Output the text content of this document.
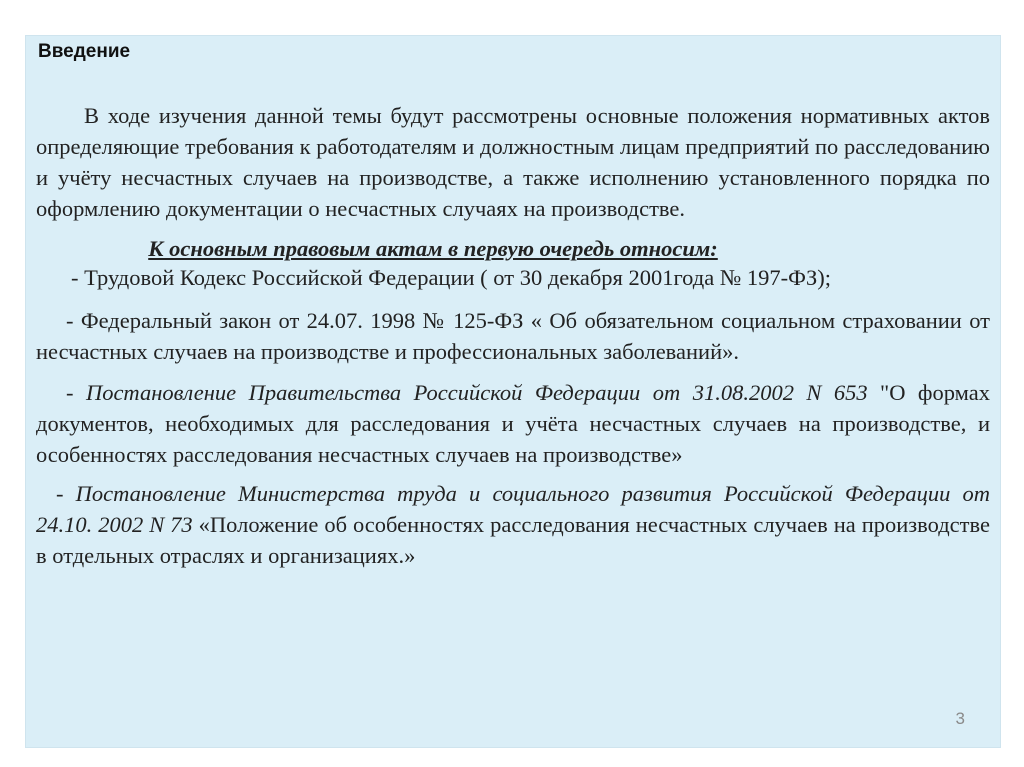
Введение

В ходе изучения данной темы будут рассмотрены основные положения нормативных актов определяющие требования к работодателям и должностным лицам предприятий по расследованию и учёту несчастных случаев на производстве, а также исполнению установленного порядка по оформлению документации о несчастных случаях на производстве.

К основным правовым актам в первую очередь относим:

- Трудовой Кодекс Российской Федерации ( от 30 декабря 2001года № 197-ФЗ);

- Федеральный закон от 24.07. 1998 № 125-ФЗ « Об обязательном социальном страховании от несчастных случаев на производстве и профессиональных заболеваний».

- Постановление Правительства Российской Федерации от 31.08.2002 N 653 "О формах документов, необходимых для расследования и учёта несчастных случаев на производстве, и особенностях расследования несчастных случаев на производстве»

- Постановление Министерства труда и социального развития Российской Федерации от 24.10. 2002 N 73 «Положение об особенностях расследования несчастных случаев на производстве в отдельных отраслях и организациях.»

3
